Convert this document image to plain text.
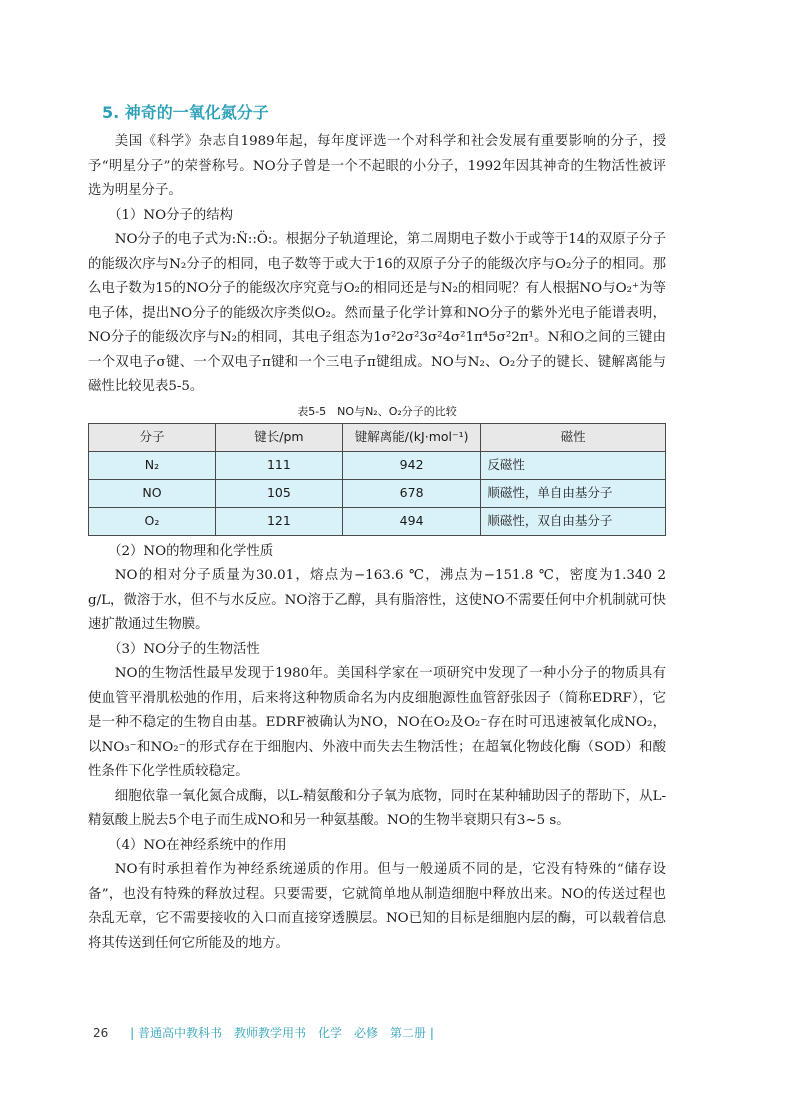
5. 神奇的一氧化氮分子

美国《科学》杂志自1989年起，每年度评选一个对科学和社会发展有重要影响的分子，授予“明星分子”的荣誉称号。NO分子曾是一个不起眼的小分子，1992年因其神奇的生物活性被评选为明星分子。

（1）NO分子的结构

NO分子的电子式为:N̈::Ö:。根据分子轨道理论，第二周期电子数小于或等于14的双原子分子的能级次序与N₂分子的相同，电子数等于或大于16的双原子分子的能级次序与O₂分子的相同。那么电子数为15的NO分子的能级次序究竟与O₂的相同还是与N₂的相同呢？有人根据NO与O₂⁺为等电子体，提出NO分子的能级次序类似O₂。然而量子化学计算和NO分子的紫外光电子能谱表明，NO分子的能级次序与N₂的相同，其电子组态为1σ²2σ²3σ²4σ²1π⁴5σ²2π¹。N和O之间的三键由一个双电子σ键、一个双电子π键和一个三电子π键组成。NO与N₂、O₂分子的键长、键解离能与磁性比较见表5-5。

表5-5　NO与N₂、O₂分子的比较
分子	键长/pm	键解离能/(kJ·mol⁻¹)	磁性
N₂	111	942	反磁性
NO	105	678	顺磁性，单自由基分子
O₂	121	494	顺磁性，双自由基分子

（2）NO的物理和化学性质

NO的相对分子质量为30.01，熔点为−163.6 ℃，沸点为−151.8 ℃，密度为1.340 2 g/L，微溶于水，但不与水反应。NO溶于乙醇，具有脂溶性，这使NO不需要任何中介机制就可快速扩散通过生物膜。

（3）NO分子的生物活性

NO的生物活性最早发现于1980年。美国科学家在一项研究中发现了一种小分子的物质具有使血管平滑肌松弛的作用，后来将这种物质命名为内皮细胞源性血管舒张因子（简称EDRF），它是一种不稳定的生物自由基。EDRF被确认为NO，NO在O₂及O₂⁻存在时可迅速被氧化成NO₂，以NO₃⁻和NO₂⁻的形式存在于细胞内、外液中而失去生物活性；在超氧化物歧化酶（SOD）和酸性条件下化学性质较稳定。

细胞依靠一氧化氮合成酶，以L-精氨酸和分子氧为底物，同时在某种辅助因子的帮助下，从L-精氨酸上脱去5个电子而生成NO和另一种氨基酸。NO的生物半衰期只有3~5 s。

（4）NO在神经系统中的作用

NO有时承担着作为神经系统递质的作用。但与一般递质不同的是，它没有特殊的“储存设备”，也没有特殊的释放过程。只要需要，它就简单地从制造细胞中释放出来。NO的传送过程也杂乱无章，它不需要接收的入口而直接穿透膜层。NO已知的目标是细胞内层的酶，可以载着信息将其传送到任何它所能及的地方。

26 | 普通高中教科书　教师教学用书　化学　必修　第二册 |
